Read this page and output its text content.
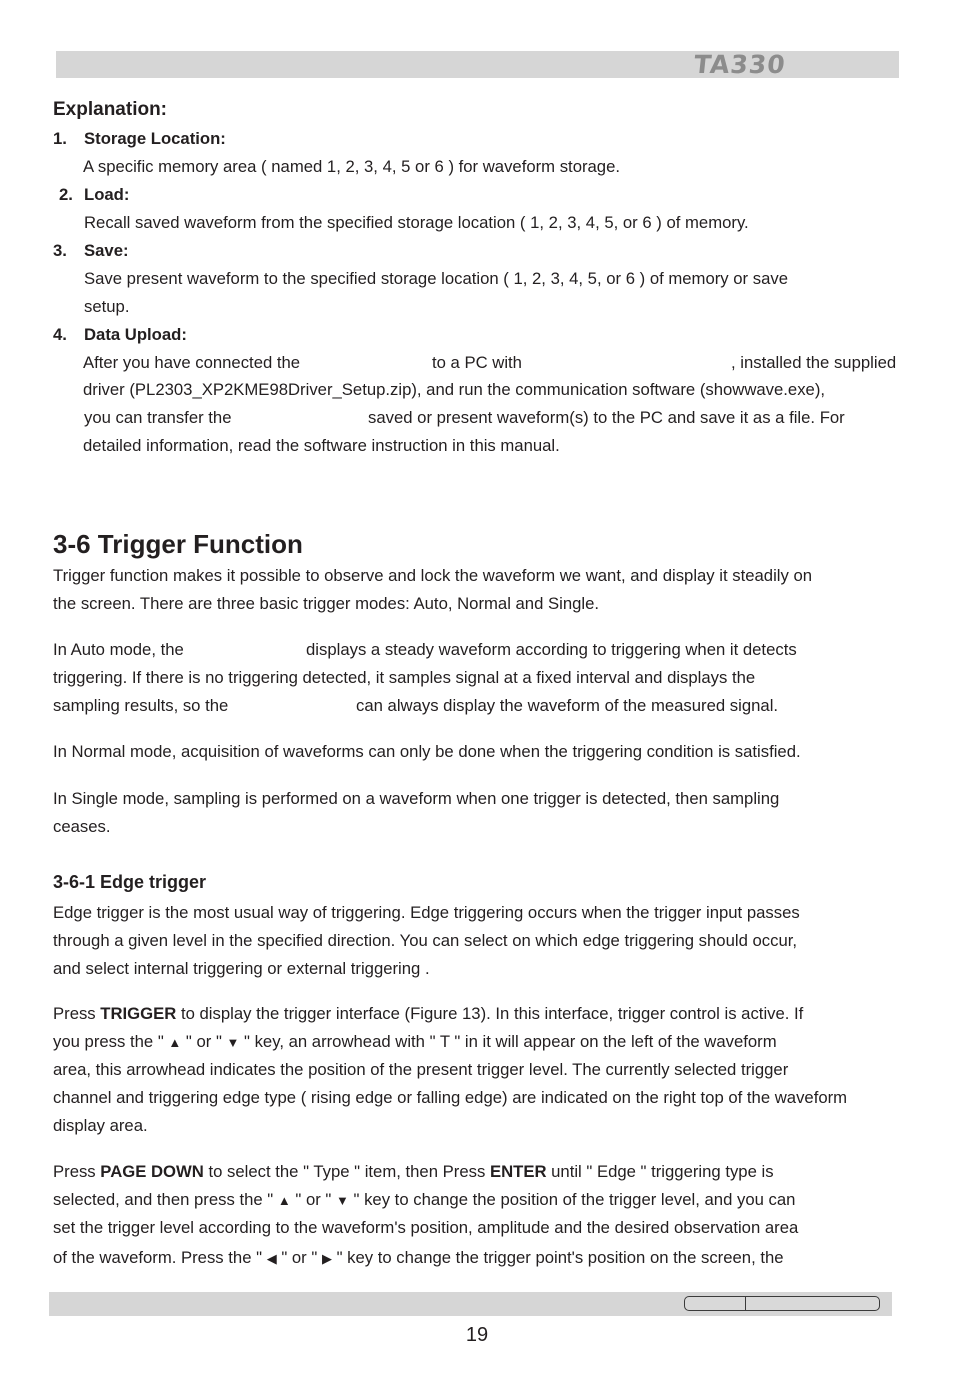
TA330
Explanation:
1. Storage Location:
A specific memory area ( named 1, 2, 3, 4, 5 or 6 ) for waveform storage.
2. Load:
Recall saved waveform from the specified storage location ( 1, 2, 3, 4, 5, or 6 ) of memory.
3. Save:
Save present waveform to the specified storage location ( 1, 2, 3, 4, 5, or 6 ) of memory or save
setup.
4. Data Upload:
After you have connected the	to a PC with	, installed the supplied
driver (PL2303_XP2KME98Driver_Setup.zip), and run the communication software (showwave.exe),
you can transfer the	saved or present waveform(s) to the PC and save it as a file. For
detailed information, read the software instruction in this manual.
3-6 Trigger Function
Trigger function makes it possible to observe and lock the waveform we want, and display it steadily on
the screen. There are three basic trigger modes: Auto, Normal and Single.
In Auto mode, the	displays a steady waveform according to triggering when it detects
triggering. If there is no triggering detected, it samples signal at a fixed interval and displays the
sampling results, so the	can always display the waveform of the measured signal.
In Normal mode, acquisition of waveforms can only be done when the triggering condition is satisfied.
In Single mode, sampling is performed on a waveform when one trigger is detected, then sampling
ceases.
3-6-1 Edge trigger
Edge trigger is the most usual way of triggering. Edge triggering occurs when the trigger input passes
through a given level in the specified direction. You can select on which edge triggering should occur,
and select internal triggering or external triggering .
Press TRIGGER to display the trigger interface (Figure 13). In this interface, trigger control is active. If
you press the " ▲ " or " ▼ " key, an arrowhead with " T " in it will appear on the left of the waveform
area, this arrowhead indicates the position of the present trigger level. The currently selected trigger
channel and triggering edge type ( rising edge or falling edge) are indicated on the right top of the waveform
display area.
Press PAGE DOWN to select the " Type " item, then Press ENTER until " Edge " triggering type is
selected, and then press the " ▲ " or " ▼ " key to change the position of the trigger level, and you can
set the trigger level according to the waveform's position, amplitude and the desired observation area
of the waveform. Press the " ◀ " or " ▶ " key to change the trigger point's position on the screen, the
19
